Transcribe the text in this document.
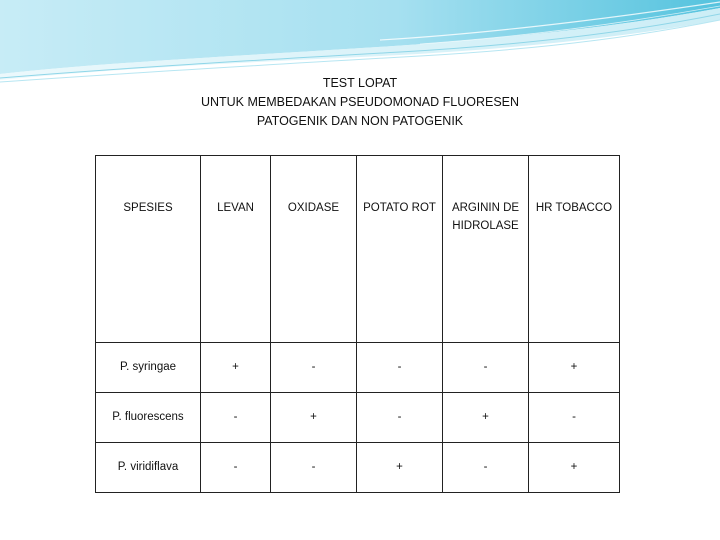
TEST LOPAT
UNTUK MEMBEDAKAN PSEUDOMONAD FLUORESEN
PATOGENIK DAN NON PATOGENIK
SPESIES	LEVAN	OXIDASE	POTATO ROT	ARGININ DEHIDROLASE	HR TOBACCO
P. syringae	+	-	-	-	+
P. fluorescens	-	+	-	+	-
P. viridiflava	-	-	+	-	+
